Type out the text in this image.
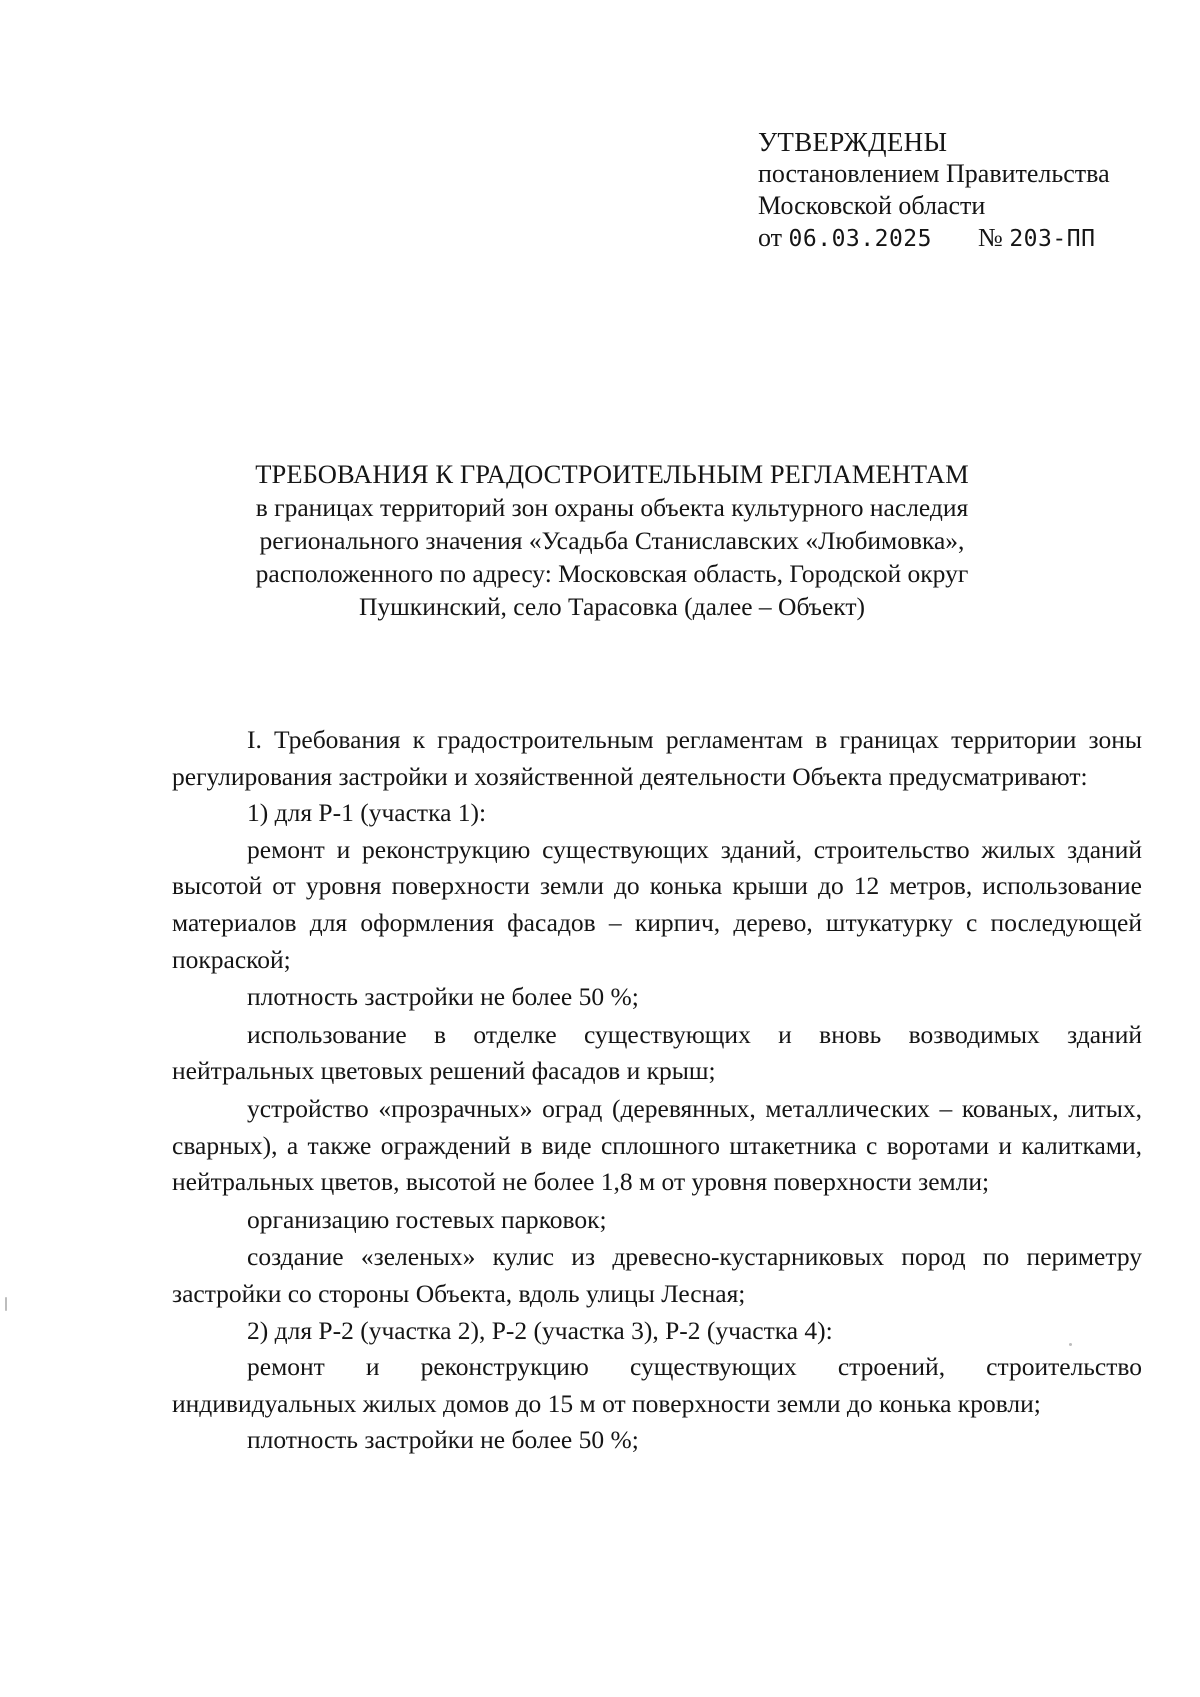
УТВЕРЖДЕНЫ
постановлением Правительства
Московской области
от 06.03.2025 № 203-ПП
ТРЕБОВАНИЯ К ГРАДОСТРОИТЕЛЬНЫМ РЕГЛАМЕНТАМ
в границах территорий зон охраны объекта культурного наследия
регионального значения «Усадьба Станиславских «Любимовка»,
расположенного по адресу: Московская область, Городской округ
Пушкинский, село Тарасовка (далее – Объект)

I. Требования к градостроительным регламентам в границах территории зоны регулирования застройки и хозяйственной деятельности Объекта предусматривают:

1) для Р-1 (участка 1):

ремонт и реконструкцию существующих зданий, строительство жилых зданий высотой от уровня поверхности земли до конька крыши до 12 метров, использование материалов для оформления фасадов – кирпич, дерево, штукатурку с последующей покраской;

плотность застройки не более 50 %;

использование в отделке существующих и вновь возводимых зданий нейтральных цветовых решений фасадов и крыш;

устройство «прозрачных» оград (деревянных, металлических – кованых, литых, сварных), а также ограждений в виде сплошного штакетника с воротами и калитками, нейтральных цветов, высотой не более 1,8 м от уровня поверхности земли;

организацию гостевых парковок;

создание «зеленых» кулис из древесно-кустарниковых пород по периметру застройки со стороны Объекта, вдоль улицы Лесная;

2) для Р-2 (участка 2), Р-2 (участка 3), Р-2 (участка 4):

ремонт и реконструкцию существующих строений, строительство индивидуальных жилых домов до 15 м от поверхности земли до конька кровли;

плотность застройки не более 50 %;
